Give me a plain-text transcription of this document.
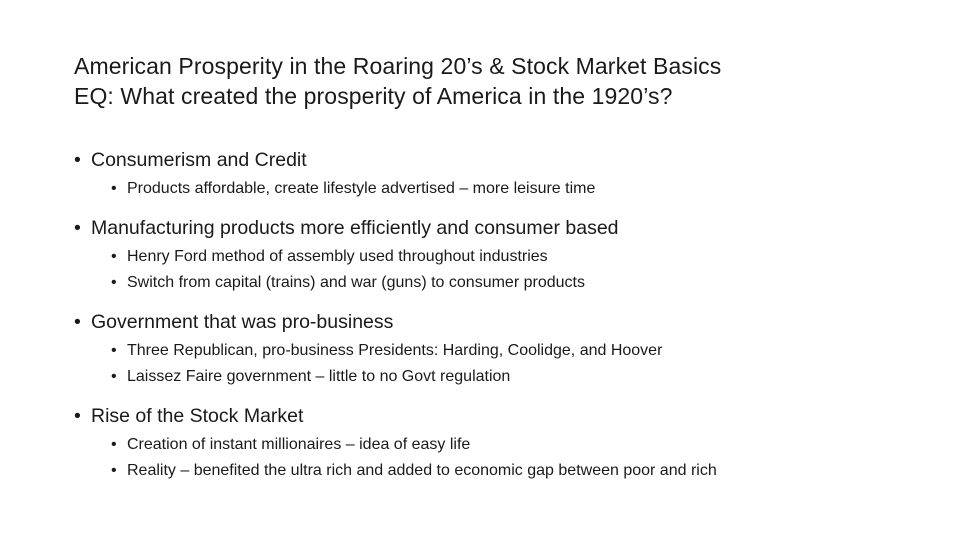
American Prosperity in the Roaring 20’s & Stock Market Basics
EQ: What created the prosperity of America in the 1920’s?
• Consumerism and Credit
• Products affordable, create lifestyle advertised – more leisure time
• Manufacturing products more efficiently and consumer based
• Henry Ford method of assembly used throughout industries
• Switch from capital (trains) and war (guns) to consumer products
• Government that was pro-business
• Three Republican, pro-business Presidents: Harding, Coolidge, and Hoover
• Laissez Faire government – little to no Govt regulation
• Rise of the Stock Market
• Creation of instant millionaires – idea of easy life
• Reality – benefited the ultra rich and added to economic gap between poor and rich
